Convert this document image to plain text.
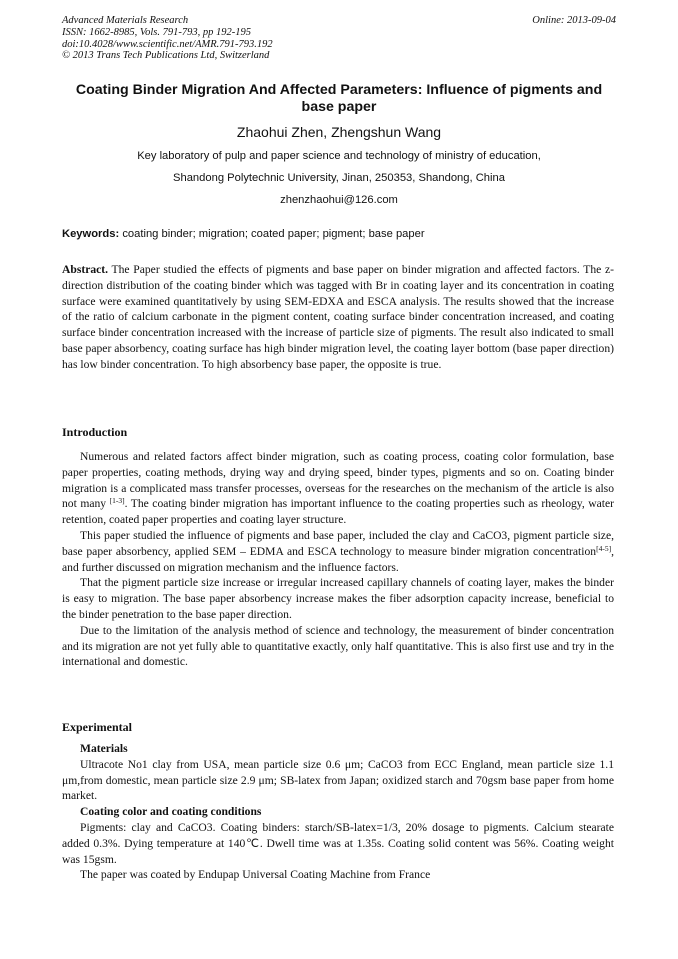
Advanced Materials Research
ISSN: 1662-8985, Vols. 791-793, pp 192-195
doi:10.4028/www.scientific.net/AMR.791-793.192
© 2013 Trans Tech Publications Ltd, Switzerland
Online: 2013-09-04
Coating Binder Migration And Affected Parameters: Influence of pigments and base paper
Zhaohui Zhen, Zhengshun Wang
Key laboratory of pulp and paper science and technology of ministry of education,
Shandong Polytechnic University, Jinan, 250353, Shandong, China
zhenzhaohui@126.com
Keywords: coating binder; migration; coated paper; pigment; base paper
Abstract. The Paper studied the effects of pigments and base paper on binder migration and affected factors. The z-direction distribution of the coating binder which was tagged with Br in coating layer and its concentration in coating surface were examined quantitatively by using SEM-EDXA and ESCA analysis. The results showed that the increase of the ratio of calcium carbonate in the pigment content, coating surface binder concentration increased, and coating surface binder concentration increased with the increase of particle size of pigments. The result also indicated to small base paper absorbency, coating surface has high binder migration level, the coating layer bottom (base paper direction) has low binder concentration. To high absorbency base paper, the opposite is true.
Introduction

Numerous and related factors affect binder migration, such as coating process, coating color formulation, base paper properties, coating methods, drying way and drying speed, binder types, pigments and so on. Coating binder migration is a complicated mass transfer processes, overseas for the researches on the mechanism of the article is also not many [1-3]. The coating binder migration has important influence to the coating properties such as rheology, water retention, coated paper properties and coating layer structure.

This paper studied the influence of pigments and base paper, included the clay and CaCO3, pigment particle size, base paper absorbency, applied SEM – EDMA and ESCA technology to measure binder migration concentration[4-5], and further discussed on migration mechanism and the influence factors.

That the pigment particle size increase or irregular increased capillary channels of coating layer, makes the binder is easy to migration. The base paper absorbency increase makes the fiber adsorption capacity increase, beneficial to the binder penetration to the base paper direction.

Due to the limitation of the analysis method of science and technology, the measurement of binder concentration and its migration are not yet fully able to quantitative exactly, only half quantitative. This is also first use and try in the international and domestic.

Experimental

Materials

Ultracote No1 clay from USA, mean particle size 0.6 μm; CaCO3 from ECC England, mean particle size 1.1 μm,from domestic, mean particle size 2.9 μm; SB-latex from Japan; oxidized starch and 70gsm base paper from home market.

Coating color and coating conditions

Pigments: clay and CaCO3. Coating binders: starch/SB-latex=1/3, 20% dosage to pigments. Calcium stearate added 0.3%. Dying temperature at 140℃. Dwell time was at 1.35s. Coating solid content was 56%. Coating weight was 15gsm.

The paper was coated by Endupap Universal Coating Machine from France
